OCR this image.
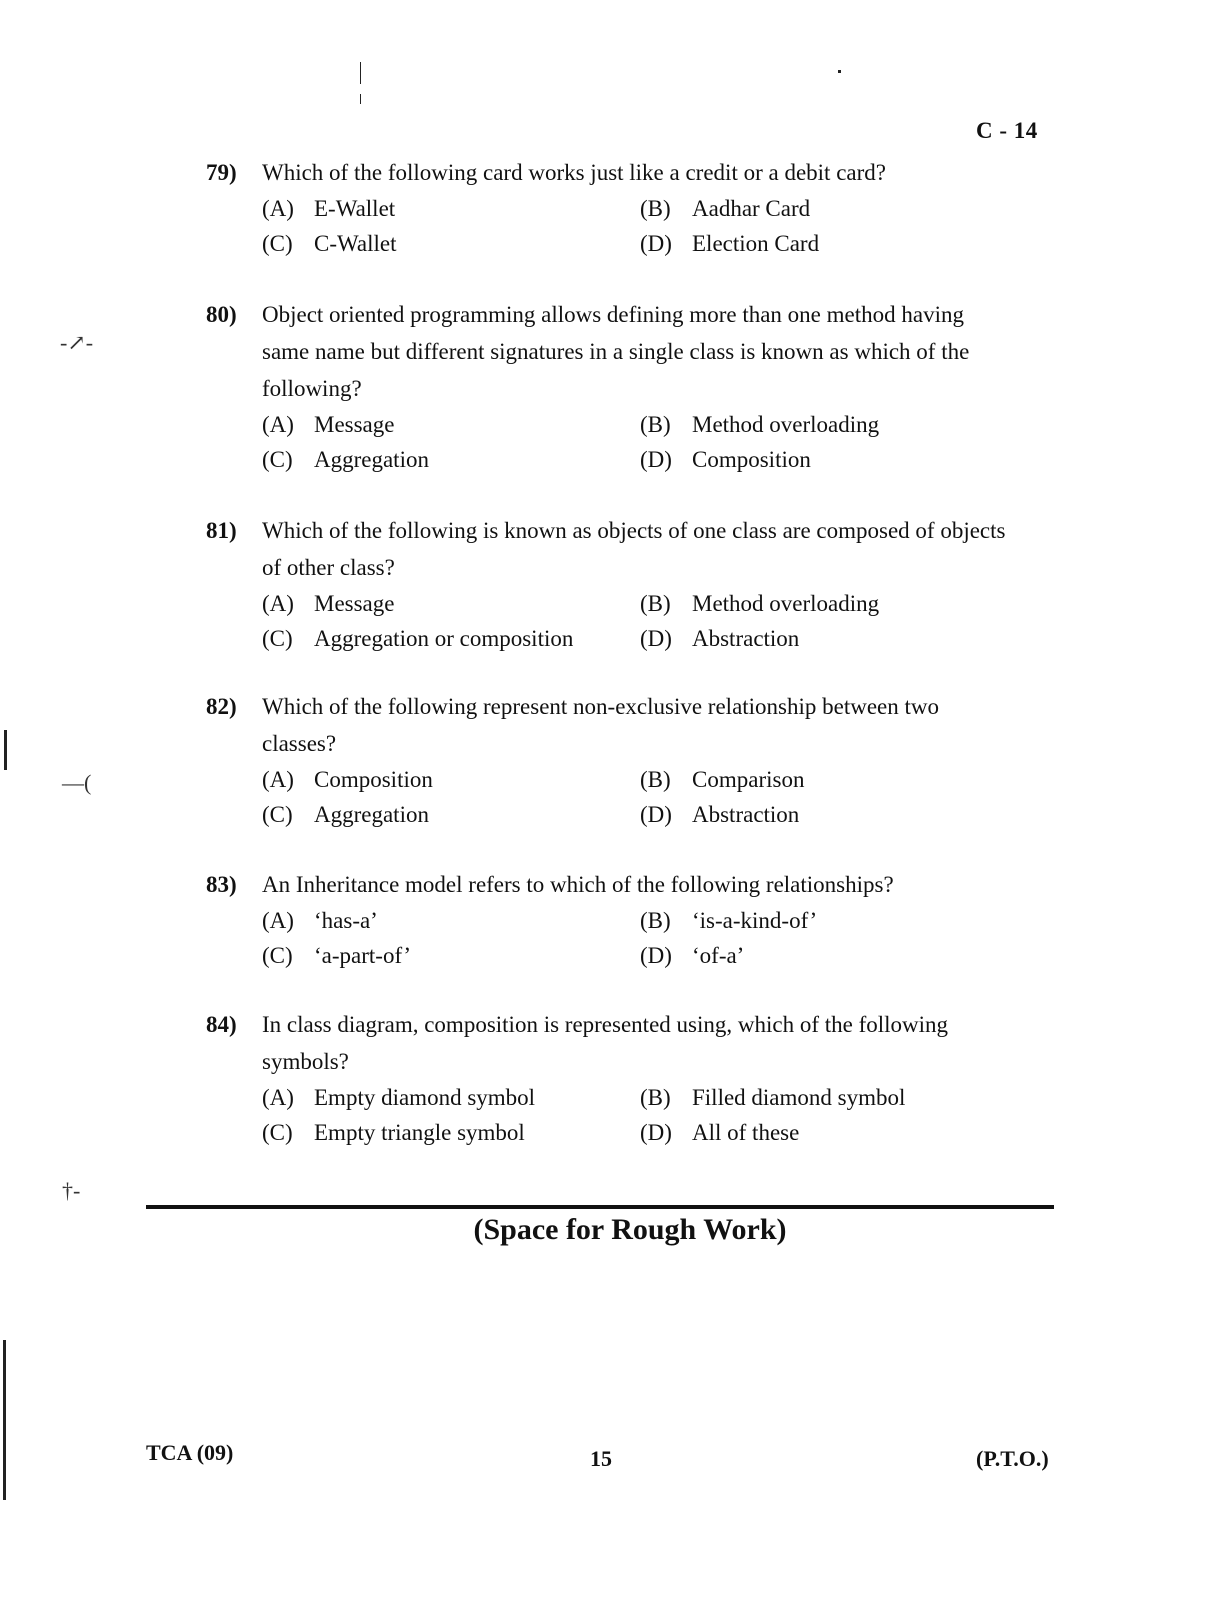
-↗-
—(
†-
C - 14
79) Which of the following card works just like a credit or a debit card?
(A) E-Wallet	(B) Aadhar Card
(C) C-Wallet	(D) Election Card
80) Object oriented programming allows defining more than one method having same name but different signatures in a single class is known as which of the following?
(A) Message	(B) Method overloading
(C) Aggregation	(D) Composition
81) Which of the following is known as objects of one class are composed of objects of other class?
(A) Message	(B) Method overloading
(C) Aggregation or composition	(D) Abstraction
82) Which of the following represent non-exclusive relationship between two classes?
(A) Composition	(B) Comparison
(C) Aggregation	(D) Abstraction
83) An Inheritance model refers to which of the following relationships?
(A) ‘has-a’	(B) ‘is-a-kind-of’
(C) ‘a-part-of’	(D) ‘of-a’
84) In class diagram, composition is represented using, which of the following symbols?
(A) Empty diamond symbol	(B) Filled diamond symbol
(C) Empty triangle symbol	(D) All of these
(Space for Rough Work)
TCA (09)	15	(P.T.O.)
